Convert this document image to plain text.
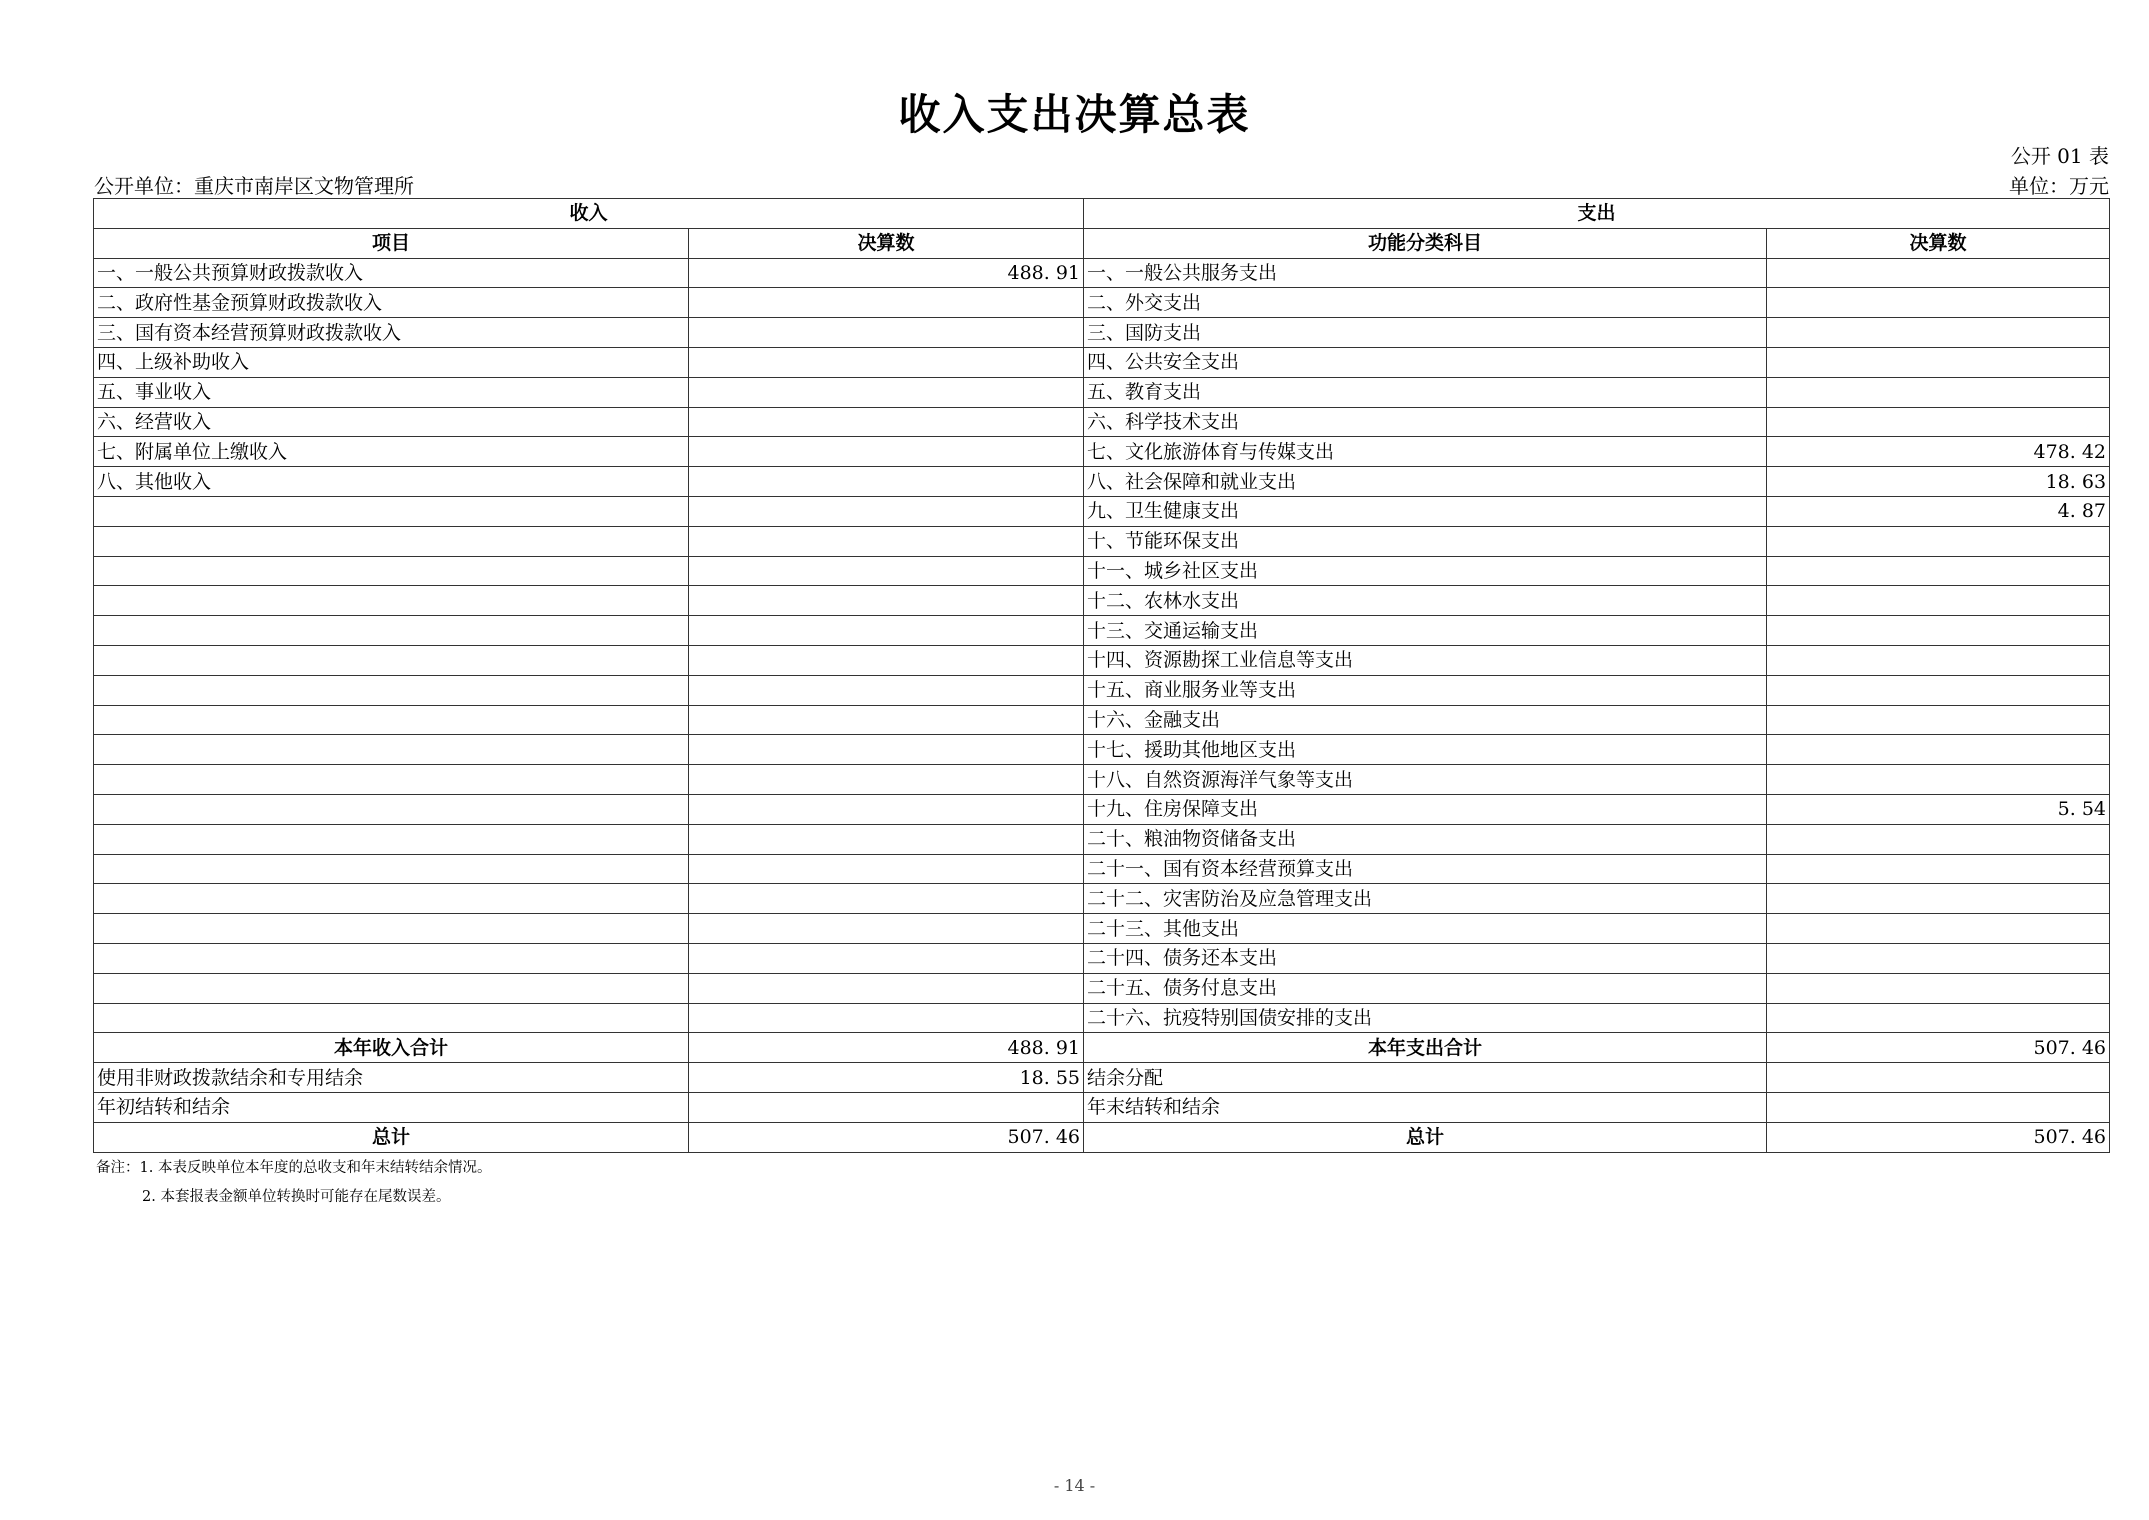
收入支出决算总表
公开 01 表
公开单位：重庆市南岸区文物管理所	单位：万元
收入		支出	
项目	决算数	功能分类科目	决算数
一、一般公共预算财政拨款收入	488. 91	一、一般公共服务支出	
二、政府性基金预算财政拨款收入		二、外交支出	
三、国有资本经营预算财政拨款收入		三、国防支出	
四、上级补助收入		四、公共安全支出	
五、事业收入		五、教育支出	
六、经营收入		六、科学技术支出	
七、附属单位上缴收入		七、文化旅游体育与传媒支出	478. 42
八、其他收入		八、社会保障和就业支出	18. 63
		九、卫生健康支出	4. 87
		十、节能环保支出	
		十一、城乡社区支出	
		十二、农林水支出	
		十三、交通运输支出	
		十四、资源勘探工业信息等支出	
		十五、商业服务业等支出	
		十六、金融支出	
		十七、援助其他地区支出	
		十八、自然资源海洋气象等支出	
		十九、住房保障支出	5. 54
		二十、粮油物资储备支出	
		二十一、国有资本经营预算支出	
		二十二、灾害防治及应急管理支出	
		二十三、其他支出	
		二十四、债务还本支出	
		二十五、债务付息支出	
		二十六、抗疫特别国债安排的支出	
本年收入合计	488. 91	本年支出合计	507. 46
使用非财政拨款结余和专用结余	18. 55	结余分配	
年初结转和结余		年末结转和结余	
总计	507. 46	总计	507. 46
备注：1. 本表反映单位本年度的总收支和年末结转结余情况。
2. 本套报表金额单位转换时可能存在尾数误差。
- 14 -
